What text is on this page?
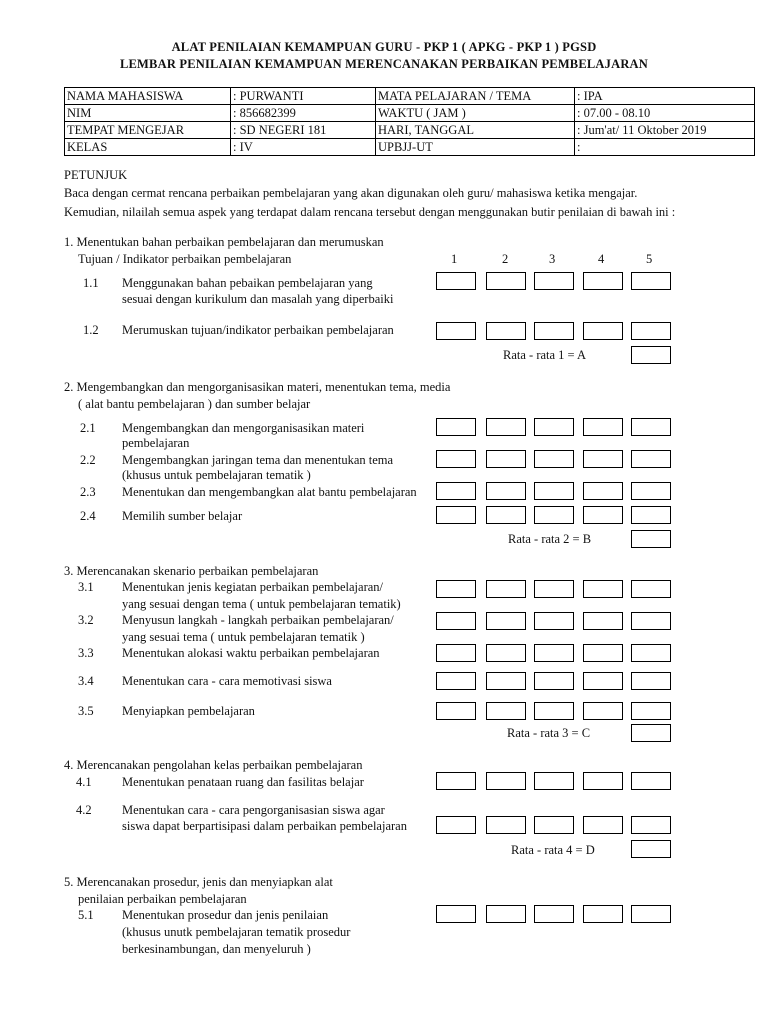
ALAT PENILAIAN KEMAMPUAN GURU - PKP 1 ( APKG - PKP 1 ) PGSD
LEMBAR PENILAIAN KEMAMPUAN MERENCANAKAN PERBAIKAN PEMBELAJARAN
NAMA MAHASISWA	: PURWANTI	MATA PELAJARAN / TEMA	: IPA
NIM	: 856682399	WAKTU ( JAM )	: 07.00 - 08.10
TEMPAT MENGEJAR	: SD NEGERI 181	HARI, TANGGAL	: Jum'at/ 11 Oktober 2019
KELAS	: IV	UPBJJ-UT	:
PETUNJUK
Baca dengan cermat rencana perbaikan pembelajaran yang akan digunakan oleh guru/ mahasiswa ketika mengajar.
Kemudian, nilailah semua aspek yang terdapat dalam rencana tersebut dengan menggunakan butir penilaian di bawah ini :
1	2	3	4	5
1. Menentukan bahan perbaikan pembelajaran dan merumuskan
Tujuan / Indikator perbaikan pembelajaran
1.1 Menggunakan bahan pebaikan pembelajaran yang
sesuai dengan kurikulum dan masalah yang diperbaiki
1.2 Merumuskan tujuan/indikator perbaikan pembelajaran
Rata - rata 1 = A
2. Mengembangkan dan mengorganisasikan materi, menentukan tema, media
( alat bantu pembelajaran ) dan sumber belajar
2.1 Mengembangkan dan mengorganisasikan materi
pembelajaran
2.2 Mengembangkan jaringan tema dan menentukan tema
(khusus untuk pembelajaran tematik )
2.3 Menentukan dan mengembangkan alat bantu pembelajaran
2.4 Memilih sumber belajar
Rata - rata 2 = B
3. Merencanakan skenario perbaikan pembelajaran
3.1 Menentukan jenis kegiatan perbaikan pembelajaran/
yang sesuai dengan tema ( untuk pembelajaran tematik)
3.2 Menyusun langkah - langkah perbaikan pembelajaran/
yang sesuai tema ( untuk pembelajaran tematik )
3.3 Menentukan alokasi waktu perbaikan pembelajaran
3.4 Menentukan cara - cara memotivasi siswa
3.5 Menyiapkan pembelajaran
Rata - rata 3 = C
4. Merencanakan pengolahan kelas perbaikan pembelajaran
4.1 Menentukan penataan ruang dan fasilitas belajar
4.2 Menentukan cara - cara pengorganisasian siswa agar
siswa dapat berpartisipasi dalam perbaikan pembelajaran
Rata - rata 4 = D
5. Merencanakan prosedur, jenis dan menyiapkan alat
penilaian perbaikan pembelajaran
5.1 Menentukan prosedur dan jenis penilaian
(khusus unutk pembelajaran tematik prosedur
berkesinambungan, dan menyeluruh )
